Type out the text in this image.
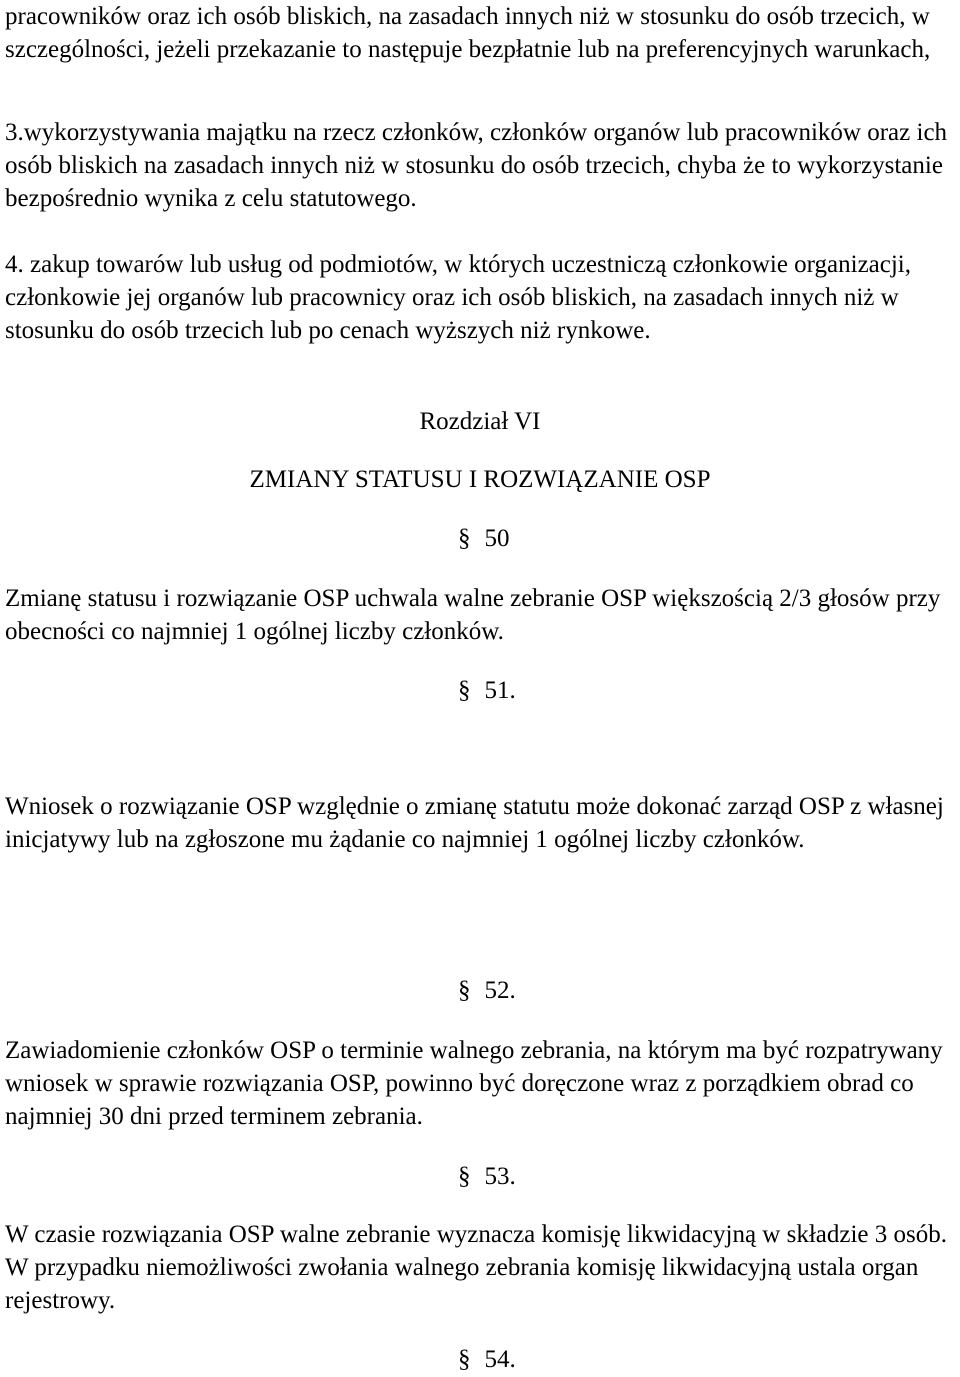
pracowników oraz ich osób bliskich, na zasadach innych niż w stosunku do osób trzecich, w szczególności, jeżeli przekazanie to następuje bezpłatnie lub na preferencyjnych warunkach,

3.wykorzystywania majątku na rzecz członków, członków organów lub pracowników oraz ich osób bliskich na zasadach innych niż w stosunku do osób trzecich, chyba że to wykorzystanie bezpośrednio wynika z celu statutowego.

4. zakup towarów lub usług od podmiotów, w których uczestniczą członkowie organizacji, członkowie jej organów lub pracownicy oraz ich osób bliskich, na zasadach innych niż w stosunku do osób trzecich lub po cenach wyższych niż rynkowe.

Rozdział VI

ZMIANY STATUSU I ROZWIĄZANIE OSP

§ 50

Zmianę statusu i rozwiązanie OSP uchwala walne zebranie OSP większością 2/3 głosów przy obecności co najmniej 1 ogólnej liczby członków.

§ 51.

Wniosek o rozwiązanie OSP względnie o zmianę statutu może dokonać zarząd OSP z własnej inicjatywy lub na zgłoszone mu żądanie co najmniej 1 ogólnej liczby członków.

§ 52.

Zawiadomienie członków OSP o terminie walnego zebrania, na którym ma być rozpatrywany wniosek w sprawie rozwiązania OSP, powinno być doręczone wraz z porządkiem obrad co najmniej 30 dni przed terminem zebrania.

§ 53.

W czasie rozwiązania OSP walne zebranie wyznacza komisję likwidacyjną w składzie 3 osób. W przypadku niemożliwości zwołania walnego zebrania komisję likwidacyjną ustala organ rejestrowy.

§ 54.
